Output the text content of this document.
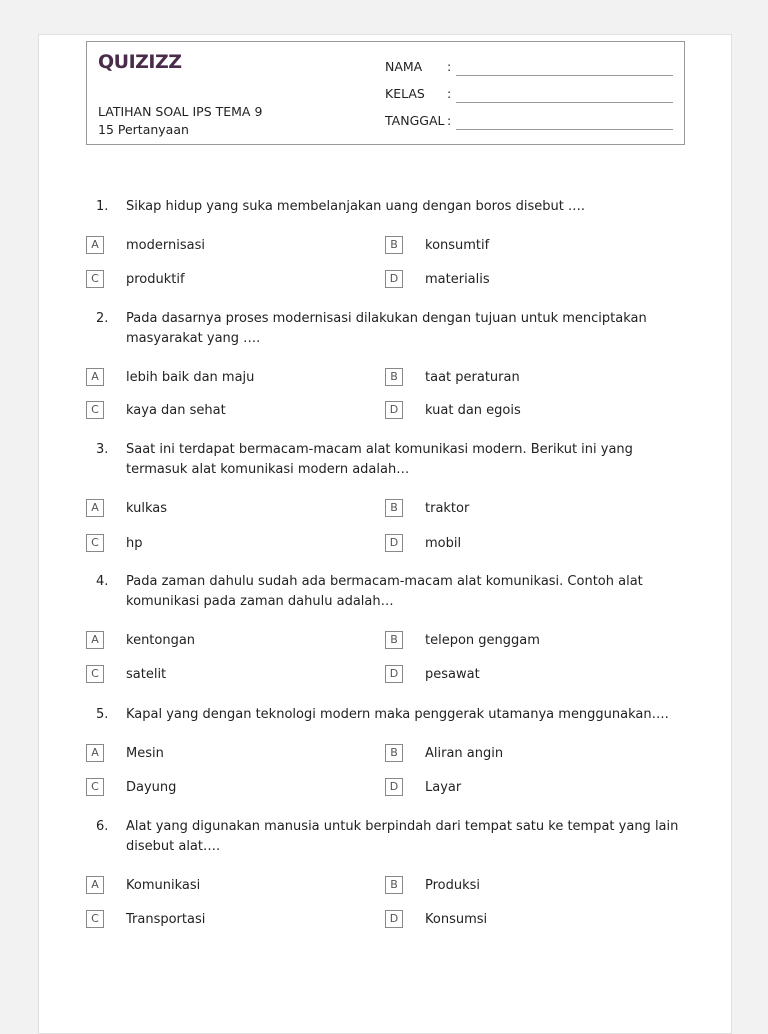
QUIZIZZ
LATIHAN SOAL IPS TEMA 9
15 Pertanyaan
NAMA :
KELAS :
TANGGAL :
1. Sikap hidup yang suka membelanjakan uang dengan boros disebut ….
A	modernisasi	B	konsumtif
C	produktif	D	materialis
2. Pada dasarnya proses modernisasi dilakukan dengan tujuan untuk menciptakan masyarakat yang ….
A	lebih baik dan maju	B	taat peraturan
C	kaya dan sehat	D	kuat dan egois
3. Saat ini terdapat bermacam-macam alat komunikasi modern. Berikut ini yang termasuk alat komunikasi modern adalah…
A	kulkas	B	traktor
C	hp	D	mobil
4. Pada zaman dahulu sudah ada bermacam-macam alat komunikasi. Contoh alat komunikasi pada zaman dahulu adalah…
A	kentongan	B	telepon genggam
C	satelit	D	pesawat
5. Kapal yang dengan teknologi modern maka penggerak utamanya menggunakan….
A	Mesin	B	Aliran angin
C	Dayung	D	Layar
6. Alat yang digunakan manusia untuk berpindah dari tempat satu ke tempat yang lain disebut alat….
A	Komunikasi	B	Produksi
C	Transportasi	D	Konsumsi
